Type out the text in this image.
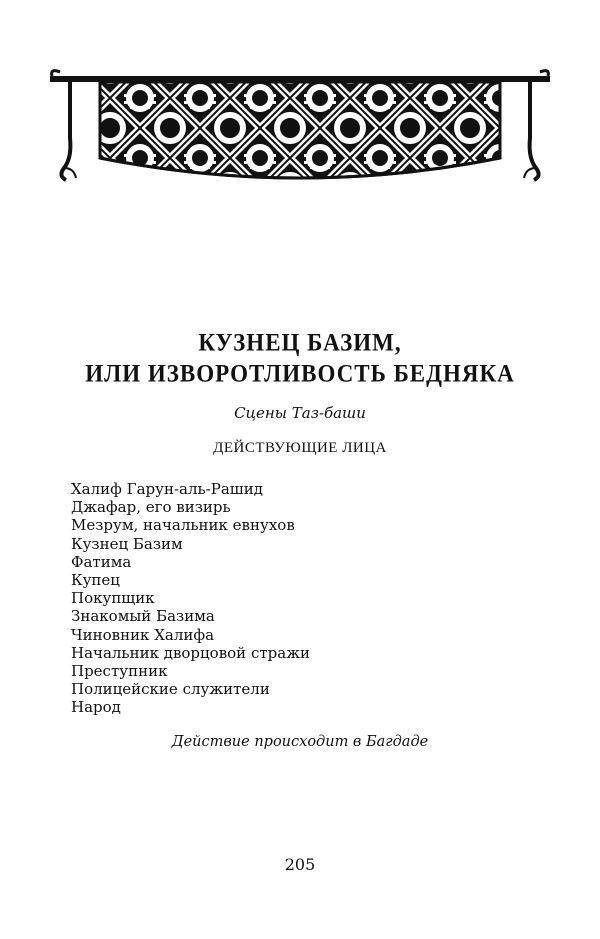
КУЗНЕЦ БАЗИМ,
ИЛИ ИЗВОРОТЛИВОСТЬ БЕДНЯКА
Сцены Таз-баши
ДЕЙСТВУЮЩИЕ ЛИЦА
Халиф Гарун-аль-Рашид
Джафар, его визирь
Мезрум, начальник евнухов
Кузнец Базим
Фатима
Купец
Покупщик
Знакомый Базима
Чиновник Халифа
Начальник дворцовой стражи
Преступник
Полицейские служители
Народ
Действие происходит в Багдаде
205
